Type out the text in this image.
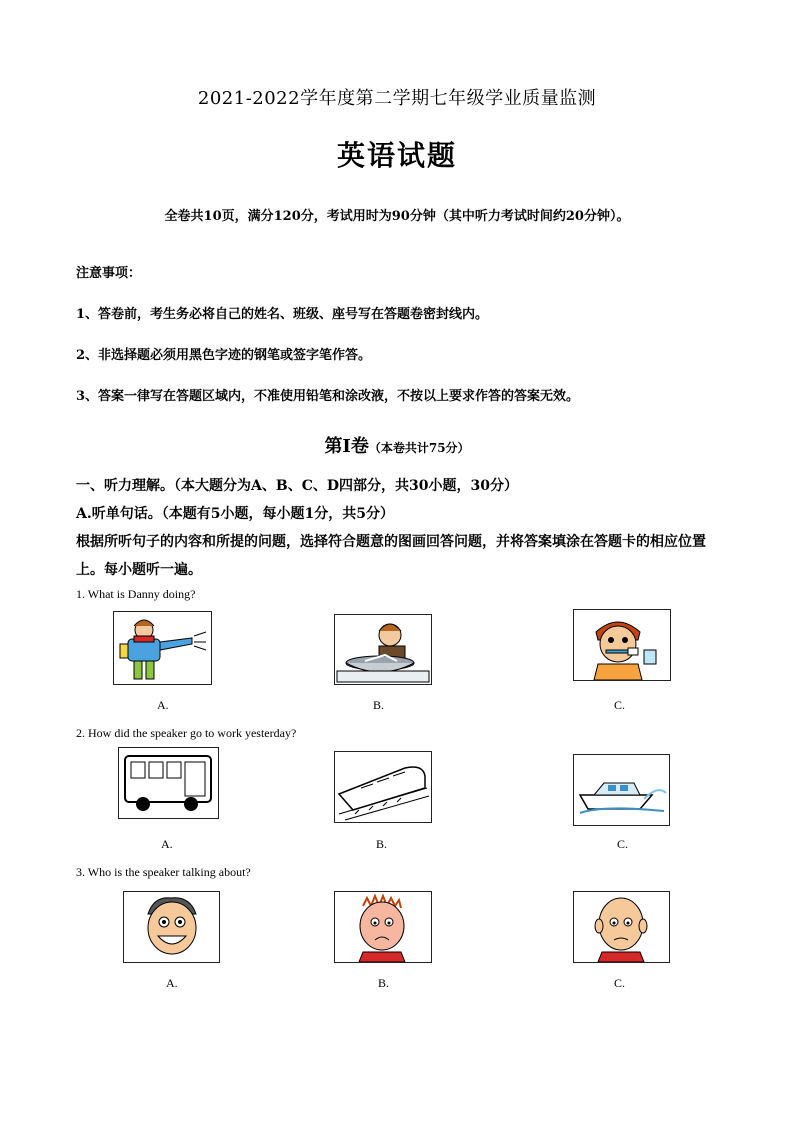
2021-2022学年度第二学期七年级学业质量监测
英语试题
全卷共10页，满分120分，考试用时为90分钟（其中听力考试时间约20分钟）。
注意事项：
1、答卷前，考生务必将自己的姓名、班级、座号写在答题卷密封线内。
2、非选择题必须用黑色字迹的钢笔或签字笔作答。
3、答案一律写在答题区域内，不准使用铅笔和涂改液，不按以上要求作答的答案无效。
第Ⅰ卷（本卷共计75分）
一、听力理解。（本大题分为A、B、C、D四部分，共30小题，30分）
A.听单句话。（本题有5小题，每小题1分，共5分）
根据所听句子的内容和所提的问题，选择符合题意的图画回答问题，并将答案填涂在答题卡的相应位置
上。每小题听一遍。
1. What is Danny doing?
A.	B.	C.
2. How did the speaker go to work yesterday?
A.	B.	C.
3. Who is the speaker talking about?
A.	B.	C.
